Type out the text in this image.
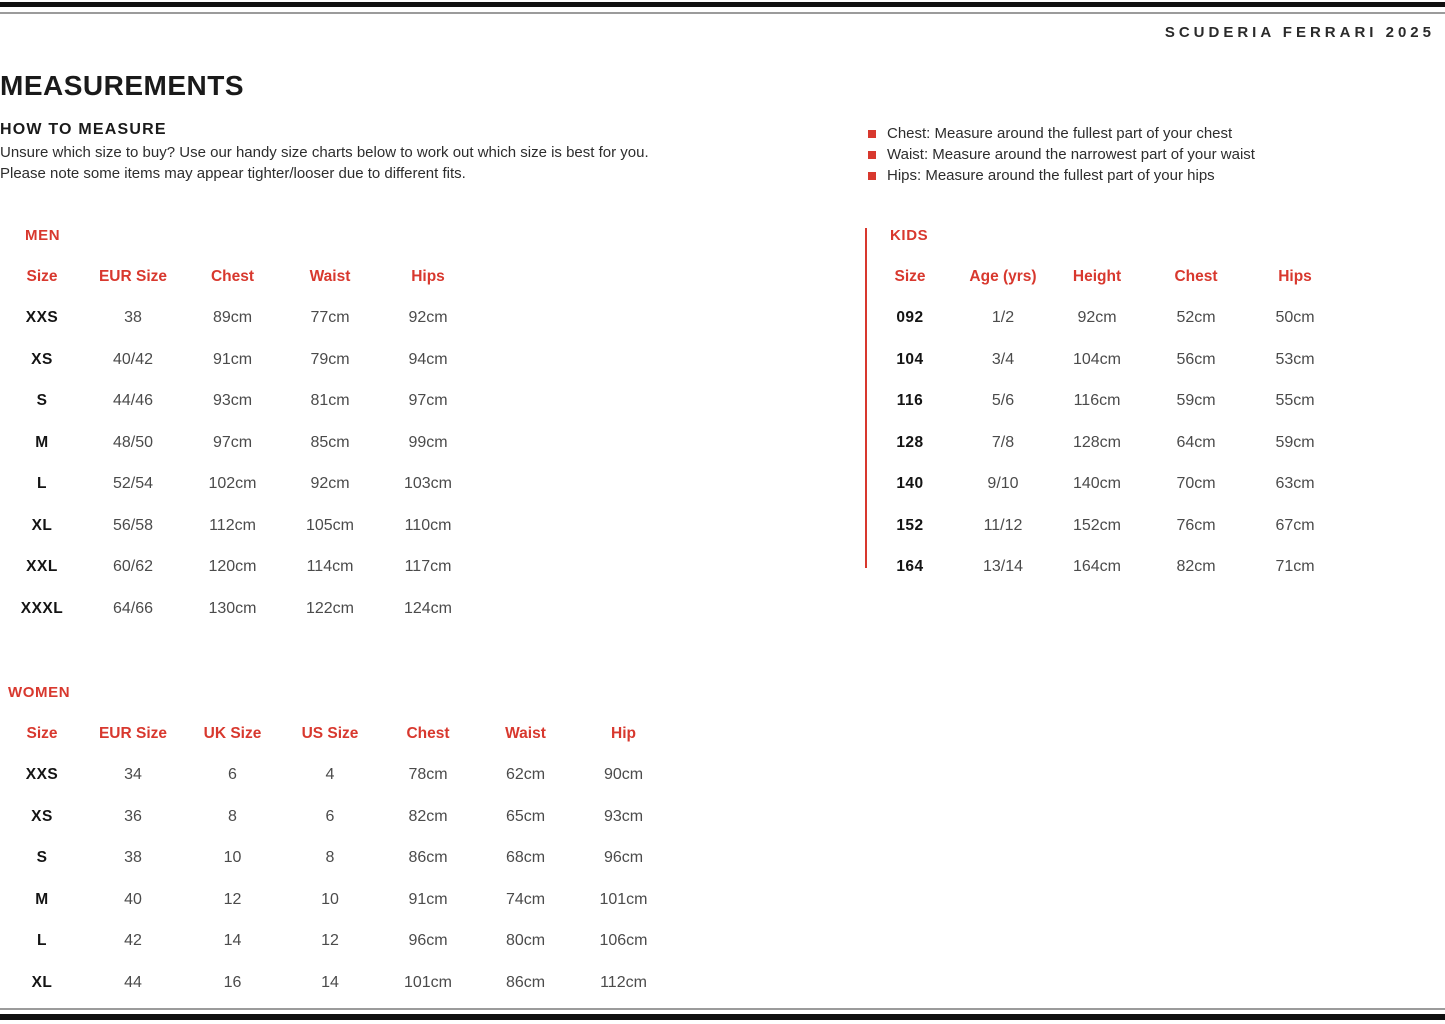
SCUDERIA FERRARI 2025
MEASUREMENTS
HOW TO MEASURE

Unsure which size to buy? Use our handy size charts below to work out which size is best for you.

Please note some items may appear tighter/looser due to different fits.

Chest: Measure around the fullest part of your chest
Waist: Measure around the narrowest part of your waist
Hips: Measure around the fullest part of your hips
MEN
Size	EUR Size	Chest	Waist	Hips
XXS	38	89cm	77cm	92cm
XS	40/42	91cm	79cm	94cm
S	44/46	93cm	81cm	97cm
M	48/50	97cm	85cm	99cm
L	52/54	102cm	92cm	103cm
XL	56/58	112cm	105cm	110cm
XXL	60/62	120cm	114cm	117cm
XXXL	64/66	130cm	122cm	124cm
KIDS
Size	Age (yrs)	Height	Chest	Hips
092	1/2	92cm	52cm	50cm
104	3/4	104cm	56cm	53cm
116	5/6	116cm	59cm	55cm
128	7/8	128cm	64cm	59cm
140	9/10	140cm	70cm	63cm
152	11/12	152cm	76cm	67cm
164	13/14	164cm	82cm	71cm
WOMEN
Size	EUR Size	UK Size	US Size	Chest	Waist	Hip
XXS	34	6	4	78cm	62cm	90cm
XS	36	8	6	82cm	65cm	93cm
S	38	10	8	86cm	68cm	96cm
M	40	12	10	91cm	74cm	101cm
L	42	14	12	96cm	80cm	106cm
XL	44	16	14	101cm	86cm	112cm
